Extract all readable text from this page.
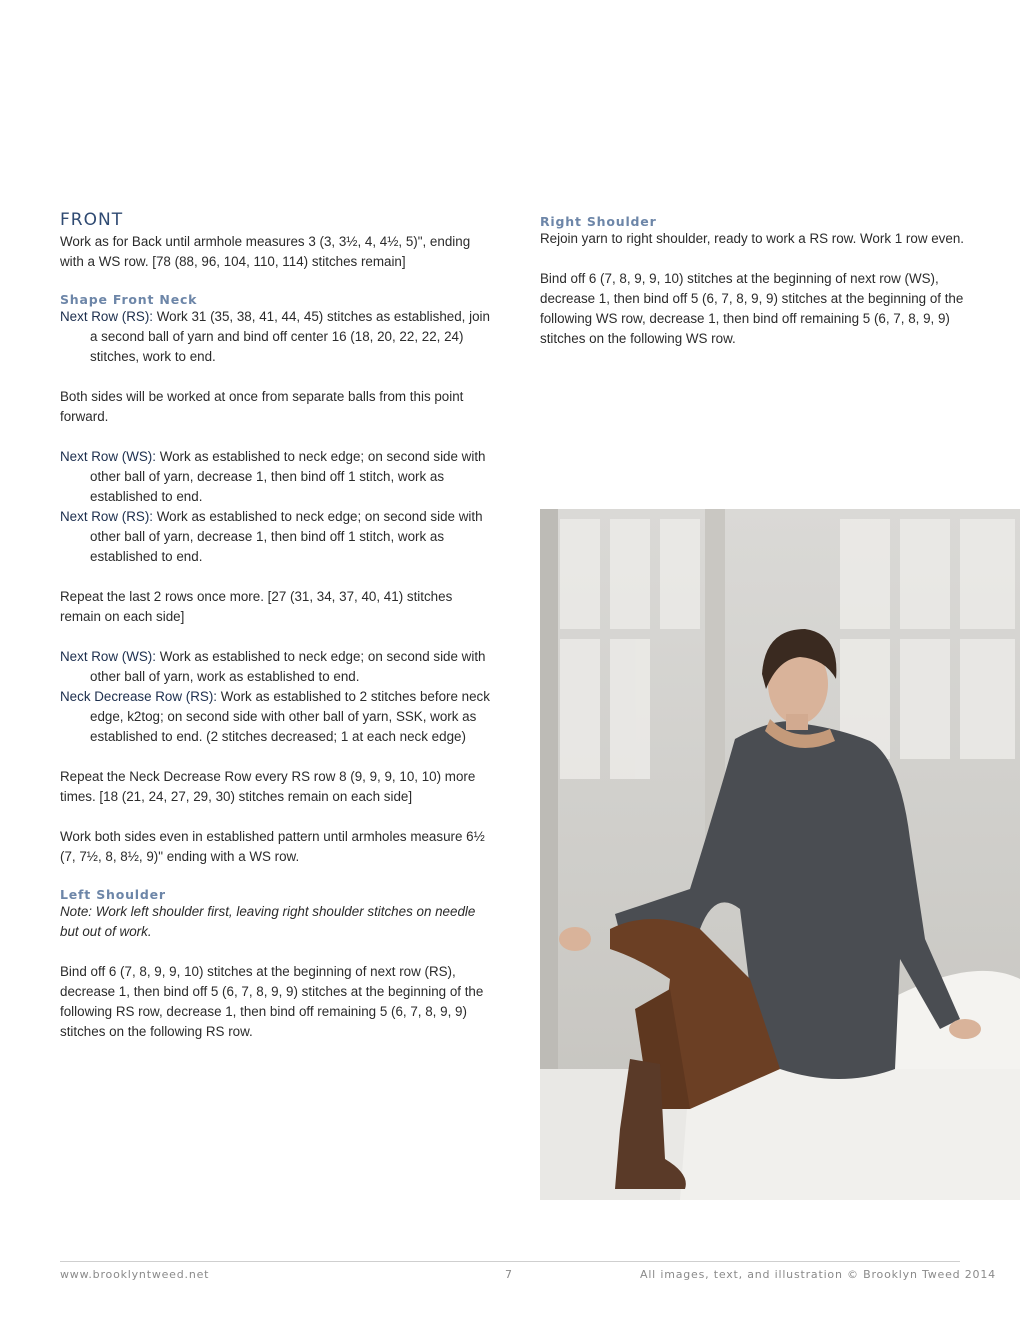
FRONT

Work as for Back until armhole measures 3 (3, 3½, 4, 4½, 5)", ending with a WS row. [78 (88, 96, 104, 110, 114) stitches remain]

Shape Front Neck
Next Row (RS): Work 31 (35, 38, 41, 44, 45) stitches as established, join a second ball of yarn and bind off center 16 (18, 20, 22, 22, 24) stitches, work to end.

Both sides will be worked at once from separate balls from this point forward.

Next Row (WS): Work as established to neck edge; on second side with other ball of yarn, decrease 1, then bind off 1 stitch, work as established to end.
Next Row (RS): Work as established to neck edge; on second side with other ball of yarn, decrease 1, then bind off 1 stitch, work as established to end.

Repeat the last 2 rows once more. [27 (31, 34, 37, 40, 41) stitches remain on each side]

Next Row (WS): Work as established to neck edge; on second side with other ball of yarn, work as established to end.
Neck Decrease Row (RS): Work as established to 2 stitches before neck edge, k2tog; on second side with other ball of yarn, SSK, work as established to end. (2 stitches decreased; 1 at each neck edge)

Repeat the Neck Decrease Row every RS row 8 (9, 9, 9, 10, 10) more times. [18 (21, 24, 27, 29, 30) stitches remain on each side]

Work both sides even in established pattern until armholes measure 6½ (7, 7½, 8, 8½, 9)" ending with a WS row.

Left Shoulder

Note: Work left shoulder first, leaving right shoulder stitches on needle but out of work.

Bind off 6 (7, 8, 9, 9, 10) stitches at the beginning of next row (RS), decrease 1, then bind off 5 (6, 7, 8, 9, 9) stitches at the beginning of the following RS row, decrease 1, then bind off remaining 5 (6, 7, 8, 9, 9) stitches on the following RS row.

Right Shoulder

Rejoin yarn to right shoulder, ready to work a RS row. Work 1 row even.

Bind off 6 (7, 8, 9, 9, 10) stitches at the beginning of next row (WS), decrease 1, then bind off 5 (6, 7, 8, 9, 9) stitches at the beginning of the following WS row, decrease 1, then bind off remaining 5 (6, 7, 8, 9, 9) stitches on the following WS row.

www.brooklyntweed.net	7	All images, text, and illustration © Brooklyn Tweed 2014
